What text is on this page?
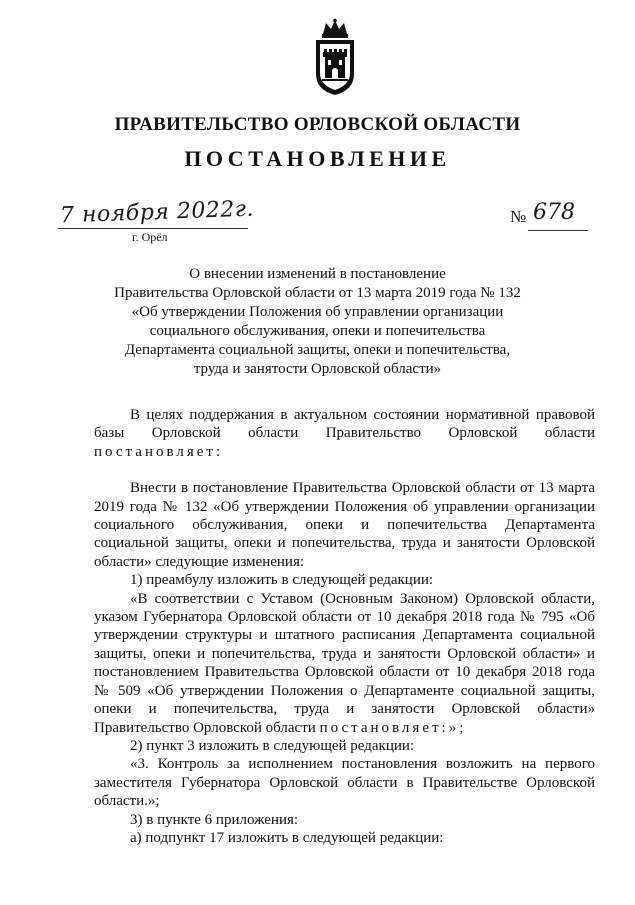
ПРАВИТЕЛЬСТВО ОРЛОВСКОЙ ОБЛАСТИ
ПОСТАНОВЛЕНИЕ
7 ноября 2022г.
г. Орёл
№ 678
О внесении изменений в постановление
Правительства Орловской области от 13 марта 2019 года № 132
«Об утверждении Положения об управлении организации
социального обслуживания, опеки и попечительства
Департамента социальной защиты, опеки и попечительства,
труда и занятости Орловской области»

В целях поддержания в актуальном состоянии нормативной правовой базы Орловской области Правительство Орловской области постановляет:

Внести в постановление Правительства Орловской области от 13 марта 2019 года № 132 «Об утверждении Положения об управлении организации социального обслуживания, опеки и попечительства Департамента социальной защиты, опеки и попечительства, труда и занятости Орловской области» следующие изменения:

1) преамбулу изложить в следующей редакции:

«В соответствии с Уставом (Основным Законом) Орловской области, указом Губернатора Орловской области от 10 декабря 2018 года № 795 «Об утверждении структуры и штатного расписания Департамента социальной защиты, опеки и попечительства, труда и занятости Орловской области» и постановлением Правительства Орловской области от 10 декабря 2018 года № 509 «Об утверждении Положения о Департаменте социальной защиты, опеки и попечительства, труда и занятости Орловской области» Правительство Орловской области постановляет:»;

2) пункт 3 изложить в следующей редакции:

«3. Контроль за исполнением постановления возложить на первого заместителя Губернатора Орловской области в Правительстве Орловской области.»;

3) в пункте 6 приложения:

а) подпункт 17 изложить в следующей редакции:
